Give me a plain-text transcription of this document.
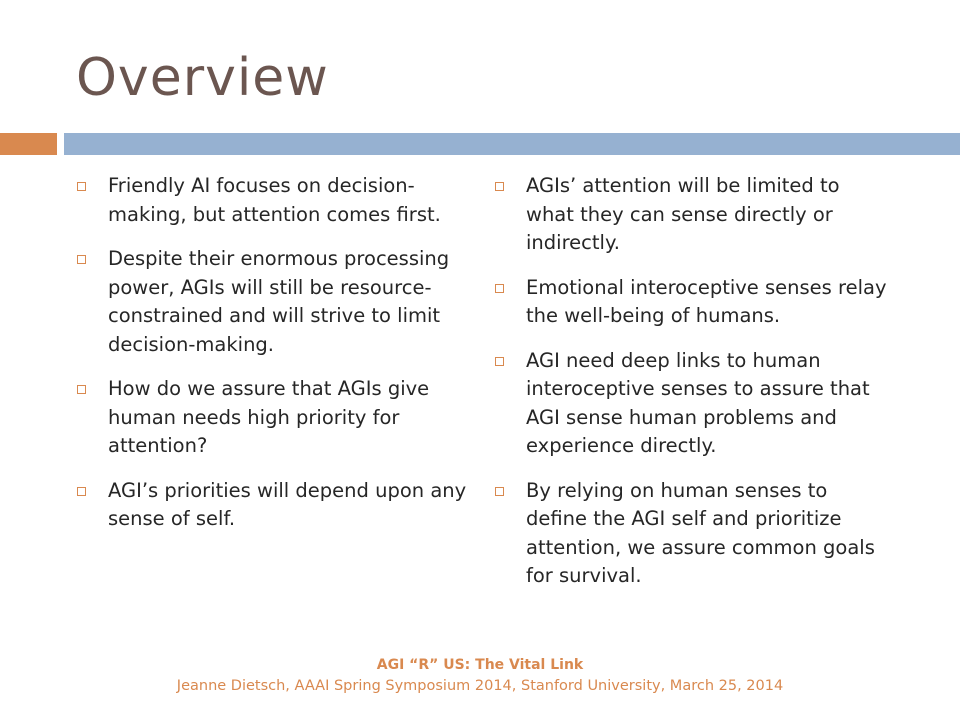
Overview
Friendly AI focuses on decision-making, but attention comes first.
Despite their enormous processing power, AGIs will still be resource-constrained and will strive to limit decision-making.
How do we assure that AGIs give human needs high priority for attention?
AGI’s priorities will depend upon any sense of self.
AGIs’ attention will be limited to what they can sense directly or indirectly.
Emotional interoceptive senses relay the well-being of humans.
AGI need deep links to human interoceptive senses to assure that AGI sense human problems and experience directly.
By relying on human senses to define the AGI self and prioritize attention, we assure common goals for survival.
AGI “R” US: The Vital Link
Jeanne Dietsch, AAAI Spring Symposium 2014, Stanford University, March 25, 2014
